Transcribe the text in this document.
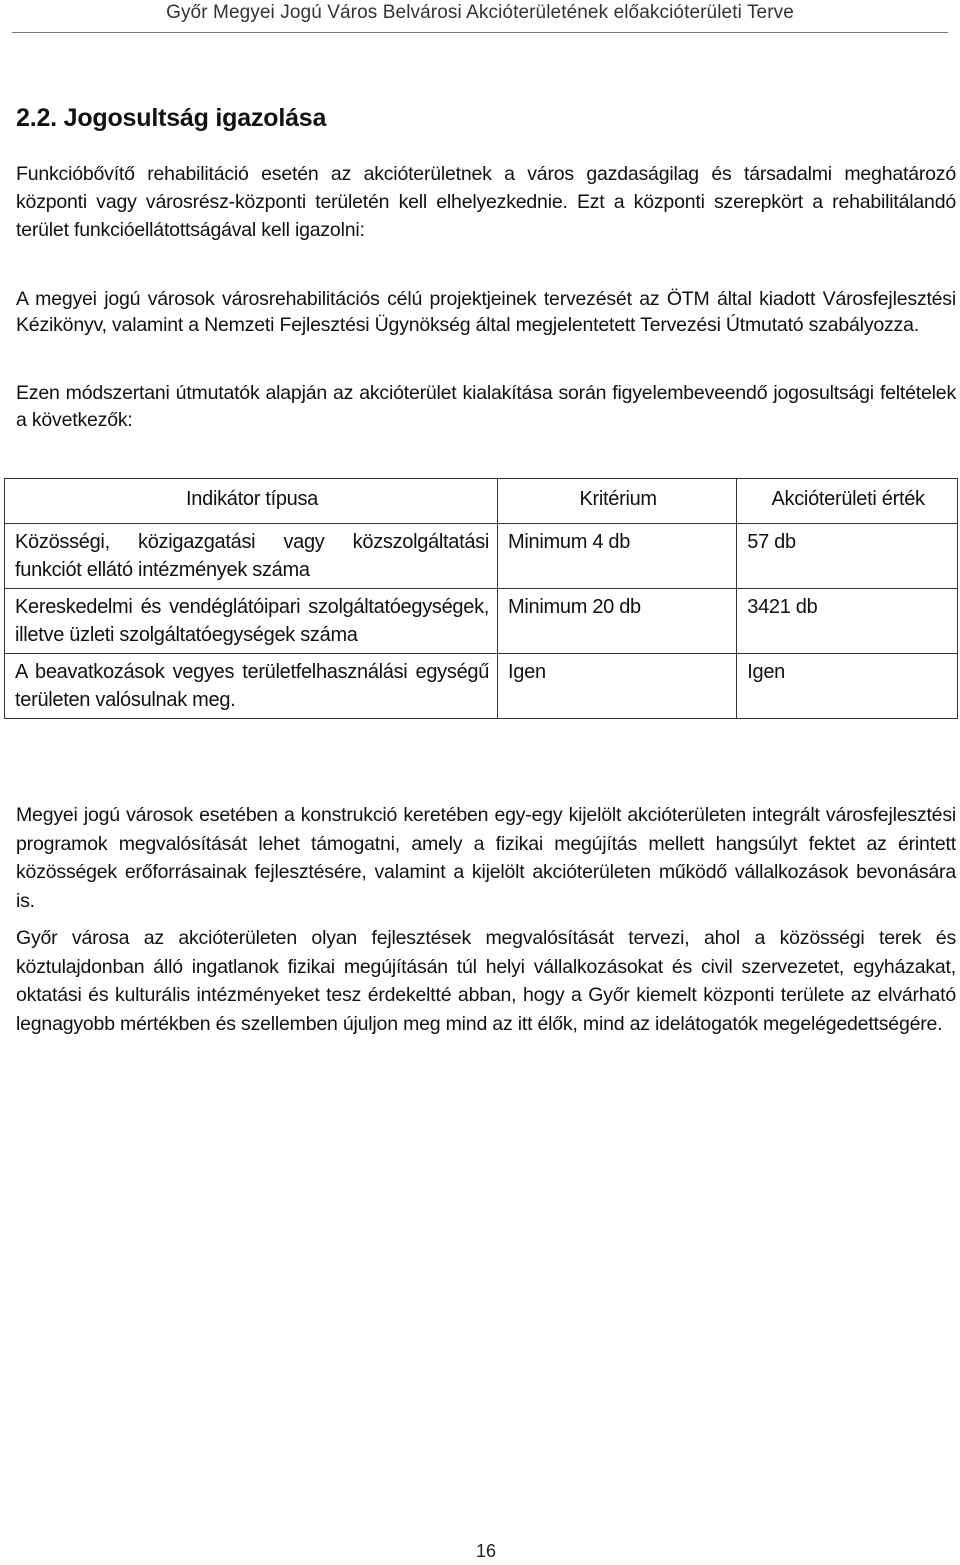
Győr Megyei Jogú Város Belvárosi Akcióterületének előakcióterületi Terve
2.2. Jogosultság igazolása
Funkcióbővítő rehabilitáció esetén az akcióterületnek a város gazdaságilag és társadalmi meghatározó központi vagy városrész-központi területén kell elhelyezkednie. Ezt a központi szerepkört a rehabilitálandó terület funkcióellátottságával kell igazolni:
A megyei jogú városok városrehabilitációs célú projektjeinek tervezését az ÖTM által kiadott Városfejlesztési Kézikönyv, valamint a Nemzeti Fejlesztési Ügynökség által megjelentetett Tervezési Útmutató szabályozza.
Ezen módszertani útmutatók alapján az akcióterület kialakítása során figyelembeveendő jogosultsági feltételek a következők:
Indikátor típusa	Kritérium	Akcióterületi érték
Közösségi, közigazgatási vagy közszolgáltatási funkciót ellátó intézmények száma	Minimum 4 db	57 db
Kereskedelmi és vendéglátóipari szolgáltatóegységek, illetve üzleti szolgáltatóegységek száma	Minimum 20 db	3421 db
A beavatkozások vegyes területfelhasználási egységű területen valósulnak meg.	Igen	Igen
Megyei jogú városok esetében a konstrukció keretében egy-egy kijelölt akcióterületen integrált városfejlesztési programok megvalósítását lehet támogatni, amely a fizikai megújítás mellett hangsúlyt fektet az érintett közösségek erőforrásainak fejlesztésére, valamint a kijelölt akcióterületen működő vállalkozások bevonására is.
Győr városa az akcióterületen olyan fejlesztések megvalósítását tervezi, ahol a közösségi terek és köztulajdonban álló ingatlanok fizikai megújításán túl helyi vállalkozásokat és civil szervezetet, egyházakat, oktatási és kulturális intézményeket tesz érdekeltté abban, hogy a Győr kiemelt központi területe az elvárható legnagyobb mértékben és szellemben újuljon meg mind az itt élők, mind az idelátogatók megelégedettségére.
16
